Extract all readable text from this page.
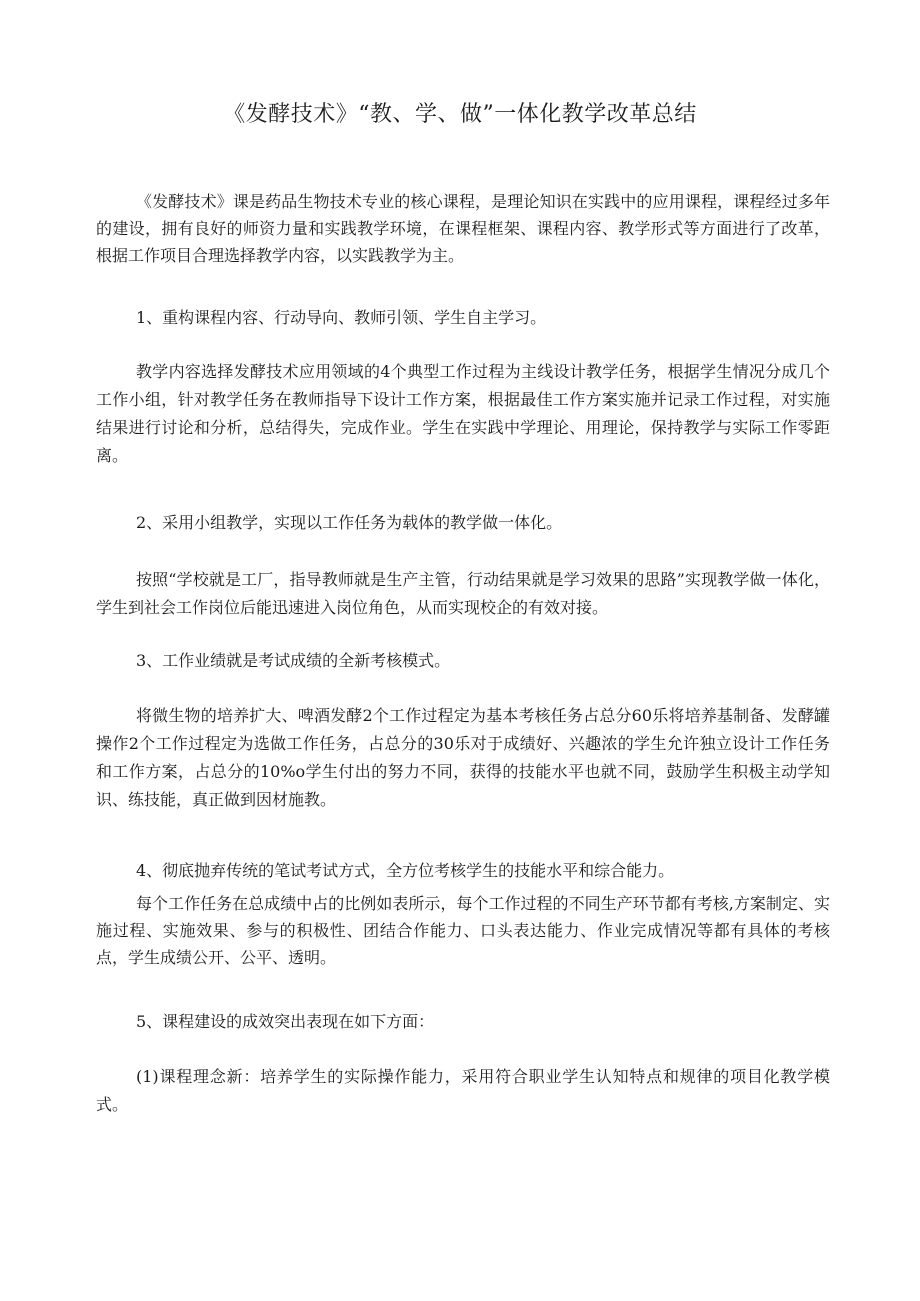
《发酵技术》“教、学、做”一体化教学改革总结
《发酵技术》课是药品生物技术专业的核心课程，是理论知识在实践中的应用课程，课程经过多年的建设，拥有良好的师资力量和实践教学环境，在课程框架、课程内容、教学形式等方面进行了改革，根据工作项目合理选择教学内容，以实践教学为主。
1、重构课程内容、行动导向、教师引领、学生自主学习。
教学内容选择发酵技术应用领域的4个典型工作过程为主线设计教学任务，根据学生情况分成几个工作小组，针对教学任务在教师指导下设计工作方案，根据最佳工作方案实施并记录工作过程，对实施结果进行讨论和分析，总结得失，完成作业。学生在实践中学理论、用理论，保持教学与实际工作零距离。
2、采用小组教学，实现以工作任务为载体的教学做一体化。
按照“学校就是工厂，指导教师就是生产主管，行动结果就是学习效果的思路”实现教学做一体化，学生到社会工作岗位后能迅速进入岗位角色，从而实现校企的有效对接。
3、工作业绩就是考试成绩的全新考核模式。
将微生物的培养扩大、啤酒发酵2个工作过程定为基本考核任务占总分60乐将培养基制备、发酵罐操作2个工作过程定为选做工作任务，占总分的30乐对于成绩好、兴趣浓的学生允许独立设计工作任务和工作方案，占总分的10%o学生付出的努力不同，获得的技能水平也就不同，鼓励学生积极主动学知识、练技能，真正做到因材施教。
4、彻底抛弃传统的笔试考试方式，全方位考核学生的技能水平和综合能力。
每个工作任务在总成绩中占的比例如表所示，每个工作过程的不同生产环节都有考核,方案制定、实施过程、实施效果、参与的积极性、团结合作能力、口头表达能力、作业完成情况等都有具体的考核点，学生成绩公开、公平、透明。
5、课程建设的成效突出表现在如下方面：
(1)课程理念新：培养学生的实际操作能力，采用符合职业学生认知特点和规律的项目化教学模式。
